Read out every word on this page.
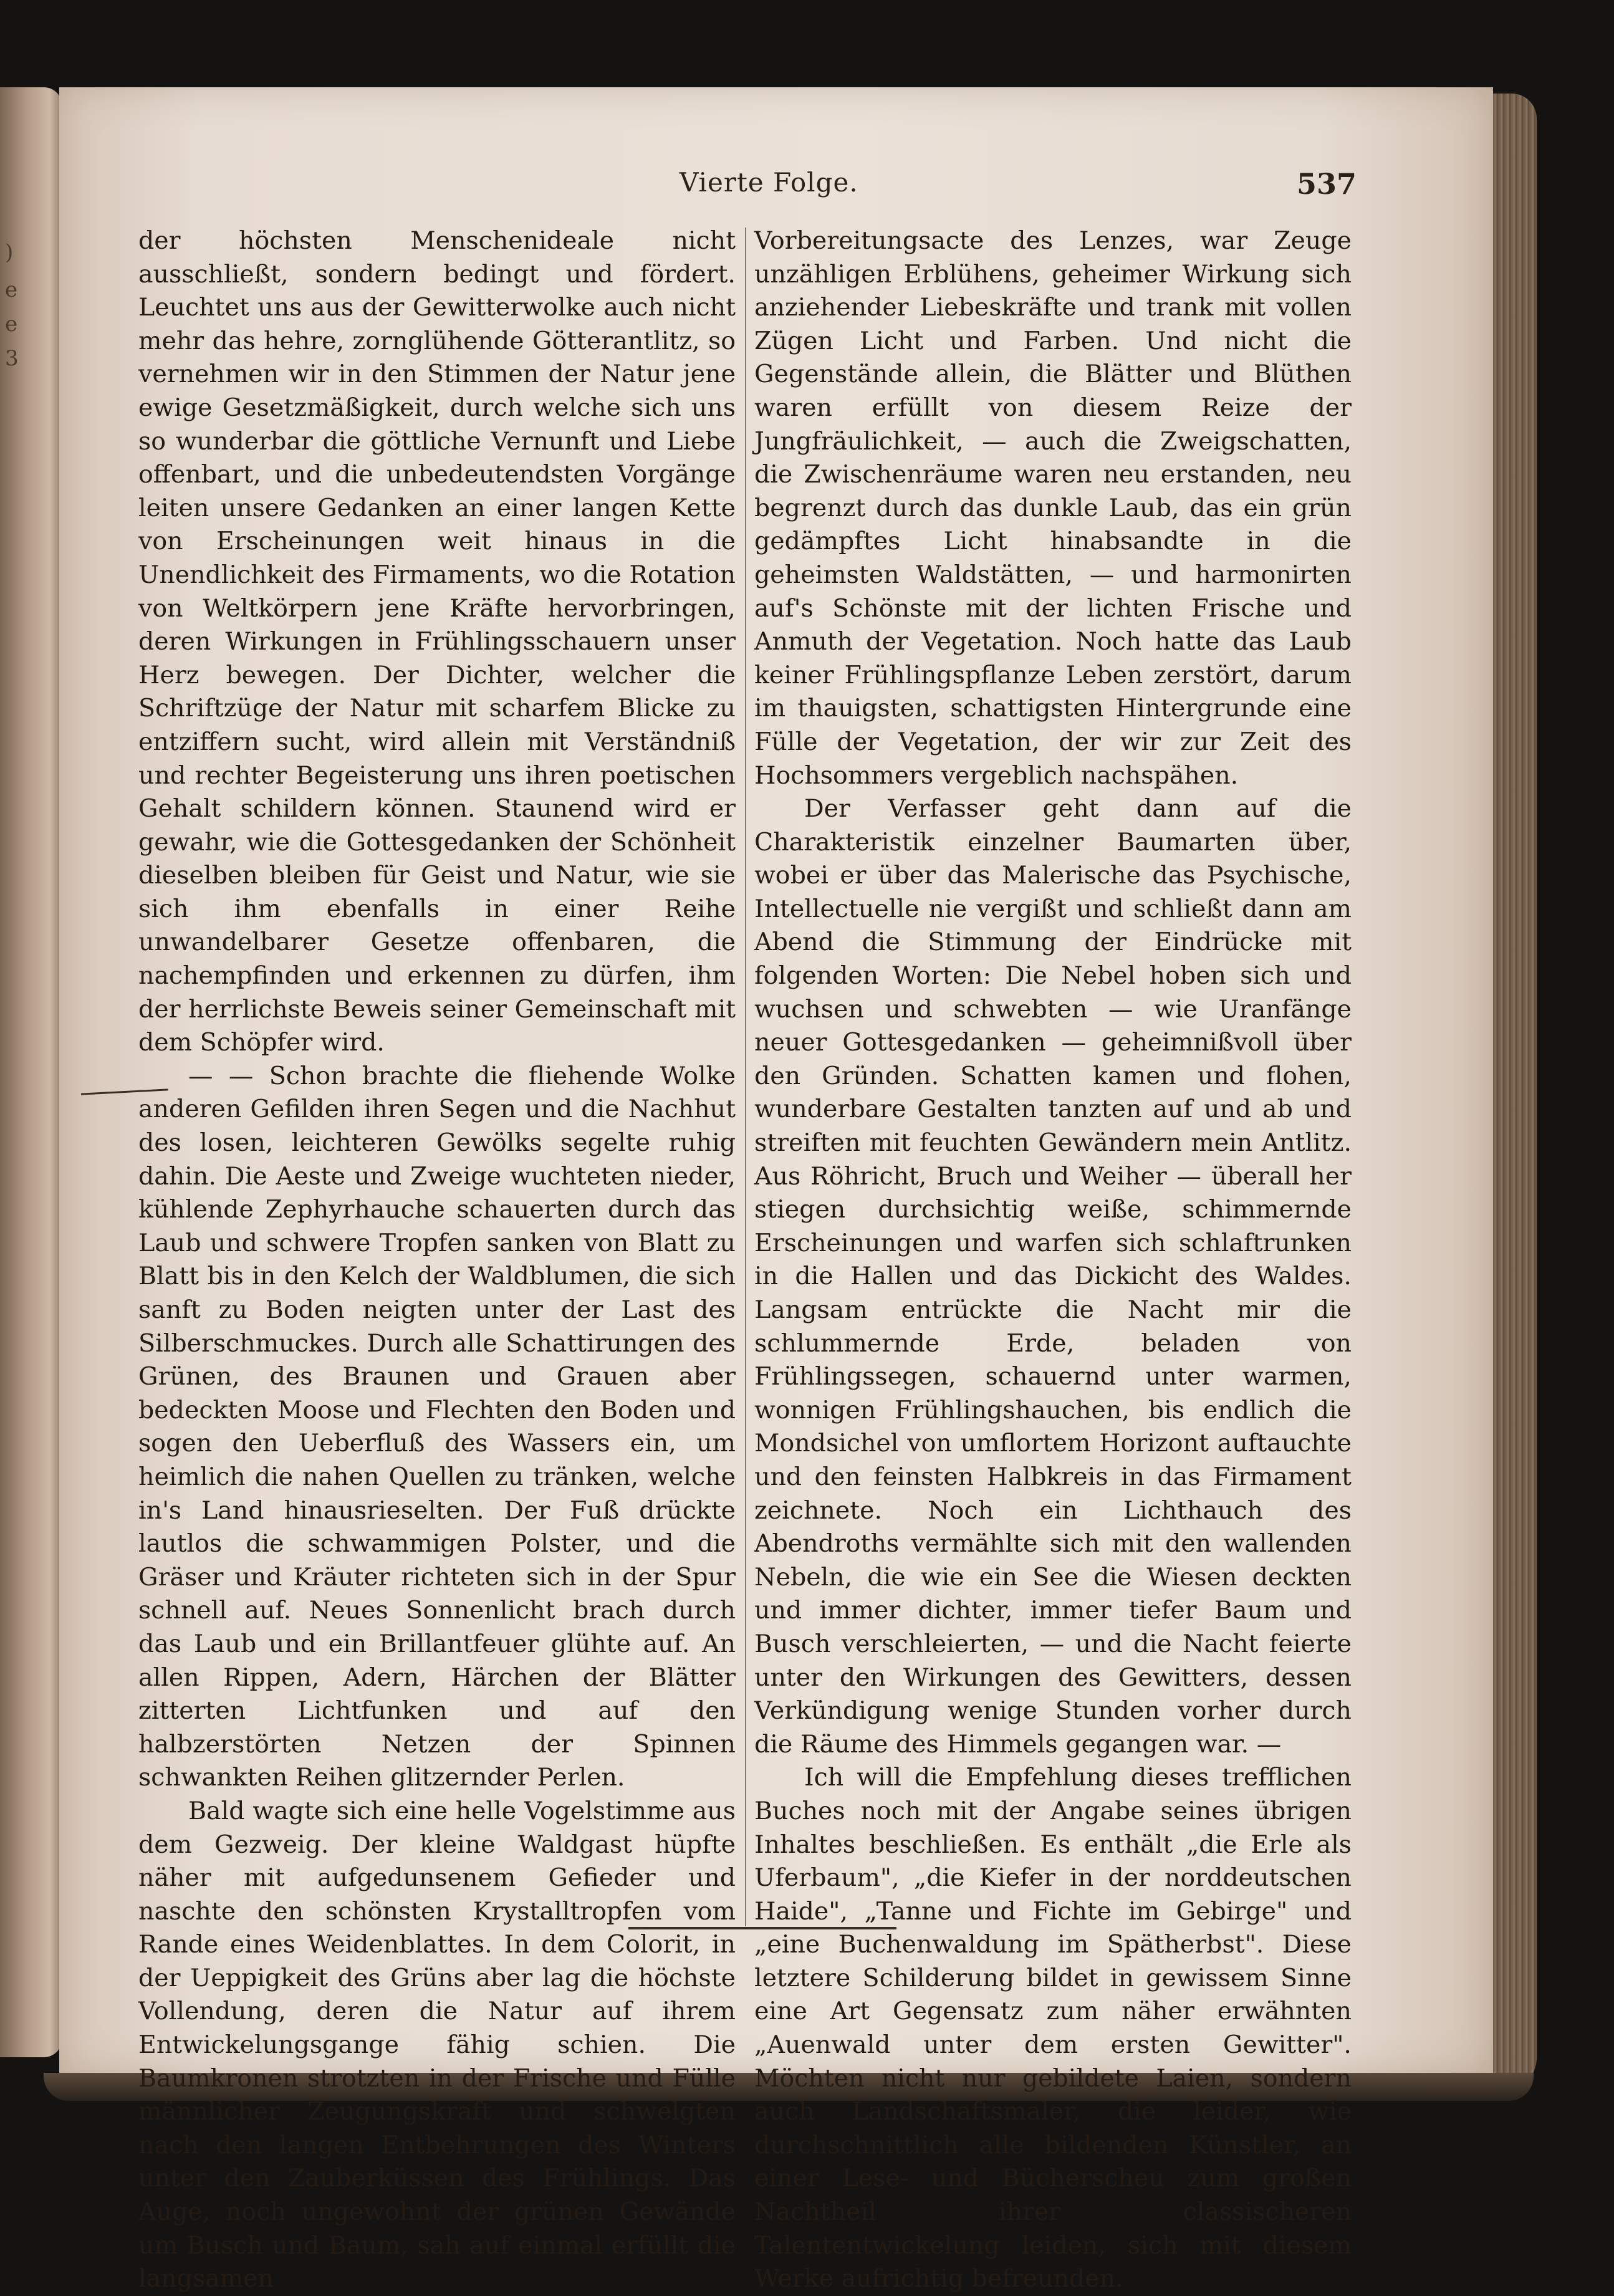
)
e
e
3
Vierte Folge.	537

der höchsten Menschenideale nicht ausschließt, sondern bedingt und fördert. Leuchtet uns aus der Gewitterwolke auch nicht mehr das hehre, zornglühende Götterantlitz, so vernehmen wir in den Stimmen der Natur jene ewige Gesetzmäßigkeit, durch welche sich uns so wunderbar die göttliche Vernunft und Liebe offenbart, und die unbedeutendsten Vorgänge leiten unsere Gedanken an einer langen Kette von Erscheinungen weit hinaus in die Unendlichkeit des Firmaments, wo die Rotation von Weltkörpern jene Kräfte hervorbringen, deren Wirkungen in Frühlingsschauern unser Herz bewegen. Der Dichter, welcher die Schriftzüge der Natur mit scharfem Blicke zu entziffern sucht, wird allein mit Verständniß und rechter Begeisterung uns ihren poetischen Gehalt schildern können. Staunend wird er gewahr, wie die Gottesgedanken der Schönheit dieselben bleiben für Geist und Natur, wie sie sich ihm ebenfalls in einer Reihe unwandelbarer Gesetze offenbaren, die nachempfinden und erkennen zu dürfen, ihm der herrlichste Beweis seiner Gemeinschaft mit dem Schöpfer wird.

— — Schon brachte die fliehende Wolke anderen Gefilden ihren Segen und die Nachhut des losen, leichteren Gewölks segelte ruhig dahin. Die Aeste und Zweige wuchteten nieder, kühlende Zephyrhauche schauerten durch das Laub und schwere Tropfen sanken von Blatt zu Blatt bis in den Kelch der Waldblumen, die sich sanft zu Boden neigten unter der Last des Silberschmuckes. Durch alle Schattirungen des Grünen, des Braunen und Grauen aber bedeckten Moose und Flechten den Boden und sogen den Ueberfluß des Wassers ein, um heimlich die nahen Quellen zu tränken, welche in's Land hinausrieselten. Der Fuß drückte lautlos die schwammigen Polster, und die Gräser und Kräuter richteten sich in der Spur schnell auf. Neues Sonnenlicht brach durch das Laub und ein Brillantfeuer glühte auf. An allen Rippen, Adern, Härchen der Blätter zitterten Lichtfunken und auf den halbzerstörten Netzen der Spinnen schwankten Reihen glitzernder Perlen.

Bald wagte sich eine helle Vogelstimme aus dem Gezweig. Der kleine Waldgast hüpfte näher mit aufgedunsenem Gefieder und naschte den schönsten Krystalltropfen vom Rande eines Weidenblattes. In dem Colorit, in der Ueppigkeit des Grüns aber lag die höchste Vollendung, deren die Natur auf ihrem Entwickelungsgange fähig schien. Die Baumkronen strotzten in der Frische und Fülle männlicher Zeugungskraft und schwelgten nach den langen Entbehrungen des Winters unter den Zauberküssen des Frühlings. Das Auge, noch ungewohnt der grünen Gewände um Busch und Baum, sah auf einmal erfüllt die langsamen

Vorbereitungsacte des Lenzes, war Zeuge unzähligen Erblühens, geheimer Wirkung sich anziehender Liebeskräfte und trank mit vollen Zügen Licht und Farben. Und nicht die Gegenstände allein, die Blätter und Blüthen waren erfüllt von diesem Reize der Jungfräulichkeit, — auch die Zweigschatten, die Zwischenräume waren neu erstanden, neu begrenzt durch das dunkle Laub, das ein grün gedämpftes Licht hinabsandte in die geheimsten Waldstätten, — und harmonirten auf's Schönste mit der lichten Frische und Anmuth der Vegetation. Noch hatte das Laub keiner Frühlingspflanze Leben zerstört, darum im thauigsten, schattigsten Hintergrunde eine Fülle der Vegetation, der wir zur Zeit des Hochsommers vergeblich nachspähen.

Der Verfasser geht dann auf die Charakteristik einzelner Baumarten über, wobei er über das Malerische das Psychische, Intellectuelle nie vergißt und schließt dann am Abend die Stimmung der Eindrücke mit folgenden Worten: Die Nebel hoben sich und wuchsen und schwebten — wie Uranfänge neuer Gottesgedanken — geheimnißvoll über den Gründen. Schatten kamen und flohen, wunderbare Gestalten tanzten auf und ab und streiften mit feuchten Gewändern mein Antlitz. Aus Röhricht, Bruch und Weiher — überall her stiegen durchsichtig weiße, schimmernde Erscheinungen und warfen sich schlaftrunken in die Hallen und das Dickicht des Waldes. Langsam entrückte die Nacht mir die schlummernde Erde, beladen von Frühlingssegen, schauernd unter warmen, wonnigen Frühlingshauchen, bis endlich die Mondsichel von umflortem Horizont auftauchte und den feinsten Halbkreis in das Firmament zeichnete. Noch ein Lichthauch des Abendroths vermählte sich mit den wallenden Nebeln, die wie ein See die Wiesen deckten und immer dichter, immer tiefer Baum und Busch verschleierten, — und die Nacht feierte unter den Wirkungen des Gewitters, dessen Verkündigung wenige Stunden vorher durch die Räume des Himmels gegangen war. —

Ich will die Empfehlung dieses trefflichen Buches noch mit der Angabe seines übrigen Inhaltes beschließen. Es enthält „die Erle als Uferbaum", „die Kiefer in der norddeutschen Haide", „Tanne und Fichte im Gebirge" und „eine Buchenwaldung im Spätherbst". Diese letztere Schilderung bildet in gewissem Sinne eine Art Gegensatz zum näher erwähnten „Auenwald unter dem ersten Gewitter". Möchten nicht nur gebildete Laien, sondern auch Landschaftsmaler, die leider, wie durchschnittlich alle bildenden Künstler, an einer Lese- und Bücherscheu zum großen Nachtheil ihrer classischeren Talententwickelung leiden, sich mit diesem Werke aufrichtig befreunden.
